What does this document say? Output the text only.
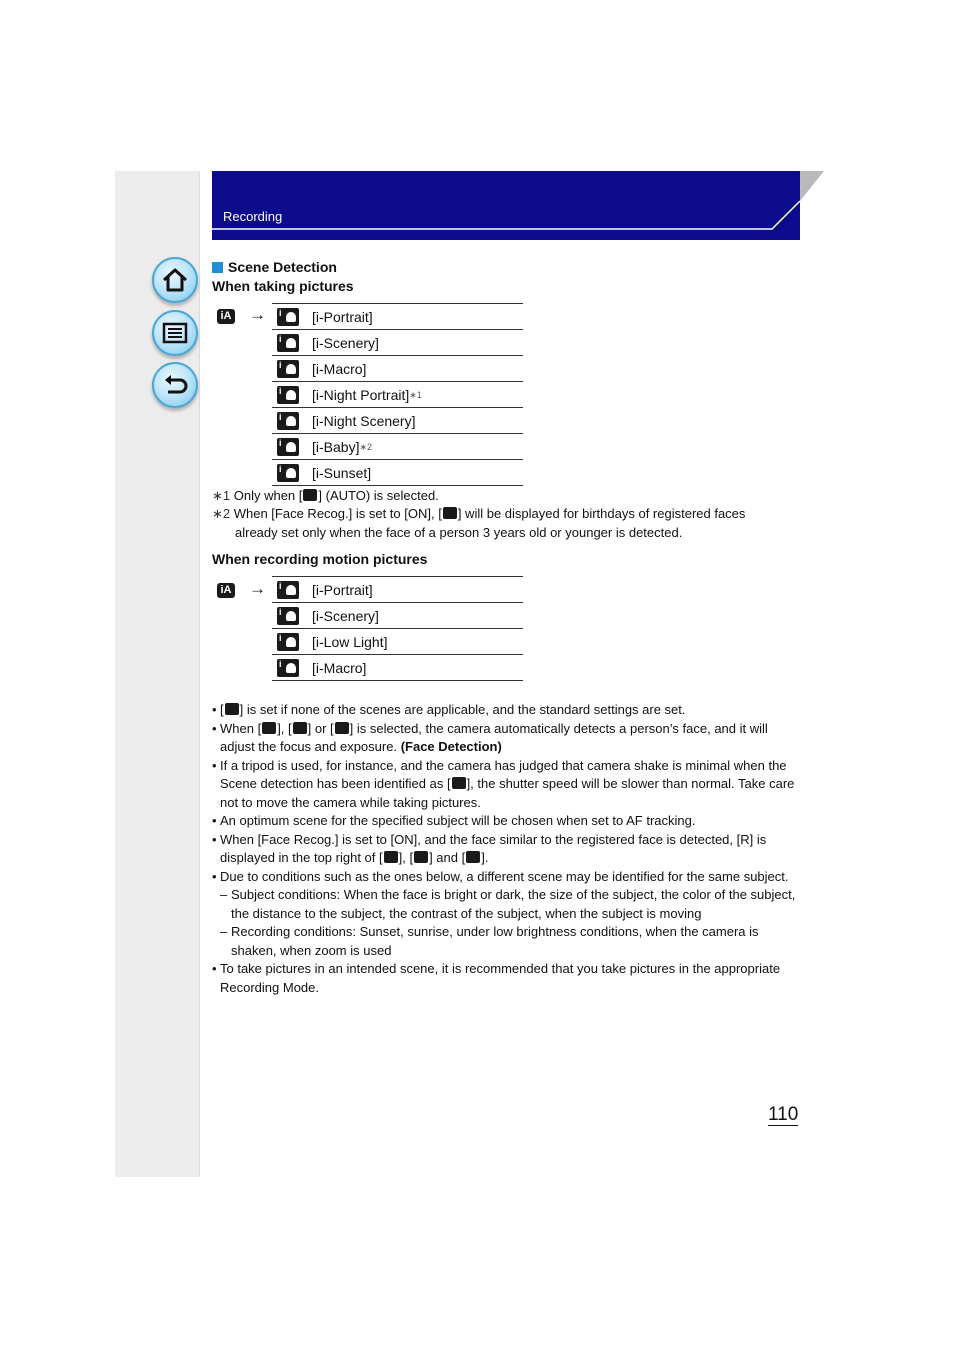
Recording
Scene Detection
When taking pictures
iA → i	[i-Portrait]
i
[i-Scenery]
i
[i-Macro]
i
[i-Night Portrait] ∗1
i
[i-Night Scenery]
i
[i-Baby] ∗2
i
[i-Sunset]
∗1 Only when [ ] (AUTO) is selected.
∗2 When [Face Recog.] is set to [ON], [ ] will be displayed for birthdays of registered faces
already set only when the face of a person 3 years old or younger is detected.
When recording motion pictures
iA → i	[i-Portrait]
i
[i-Scenery]
i
[i-Low Light]
i
[i-Macro]
• [ ] is set if none of the scenes are applicable, and the standard settings are set.
• When [ ], [ ] or [ ] is selected, the camera automatically detects a person’s face, and it will adjust the focus and exposure. (Face Detection)
• If a tripod is used, for instance, and the camera has judged that camera shake is minimal when the Scene detection has been identified as [ ], the shutter speed will be slower than normal. Take care not to move the camera while taking pictures.
• An optimum scene for the specified subject will be chosen when set to AF tracking.
• When [Face Recog.] is set to [ON], and the face similar to the registered face is detected, [R] is displayed in the top right of [ ], [ ] and [ ].
• Due to conditions such as the ones below, a different scene may be identified for the same subject.
– Subject conditions: When the face is bright or dark, the size of the subject, the color of the subject, the distance to the subject, the contrast of the subject, when the subject is moving
– Recording conditions: Sunset, sunrise, under low brightness conditions, when the camera is shaken, when zoom is used
• To take pictures in an intended scene, it is recommended that you take pictures in the appropriate Recording Mode.
110
